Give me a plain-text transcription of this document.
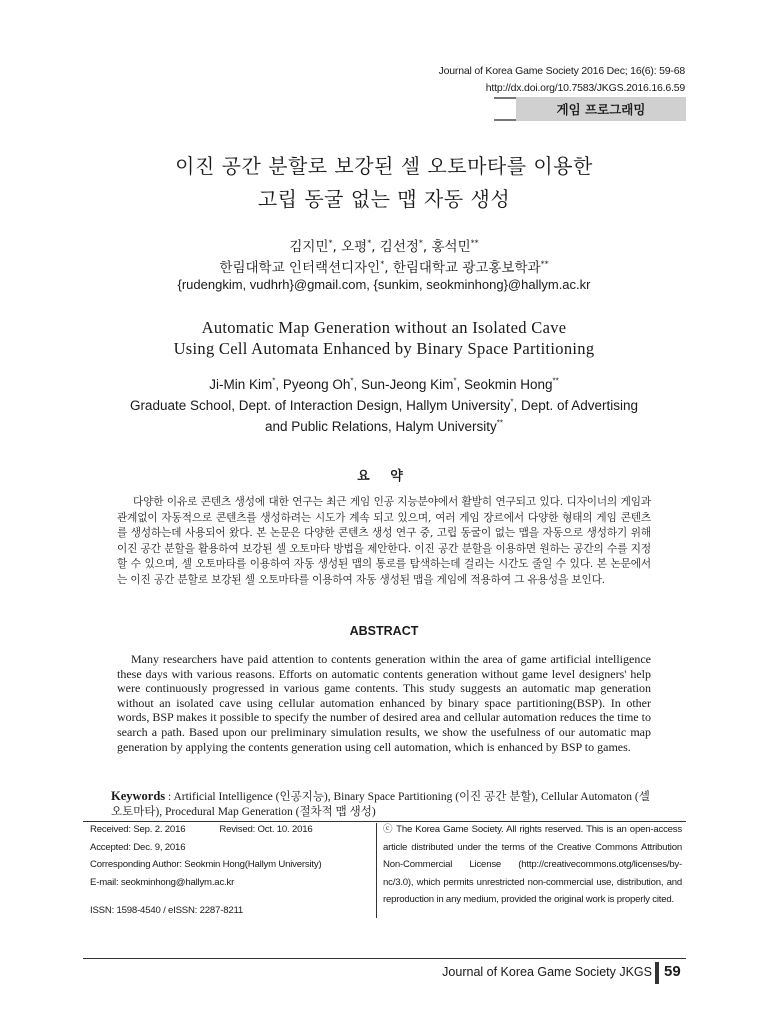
Journal of Korea Game Society 2016 Dec; 16(6): 59-68
http://dx.doi.org/10.7583/JKGS.2016.16.6.59
게임 프로그래밍
이진 공간 분할로 보강된 셀 오토마타를 이용한
고립 동굴 없는 맵 자동 생성
김지민*, 오평*, 김선정*, 홍석민**
한림대학교 인터랙션디자인*, 한림대학교 광고홍보학과**
{rudengkim, vudhrh}@gmail.com, {sunkim, seokminhong}@hallym.ac.kr
Automatic Map Generation without an Isolated Cave
Using Cell Automata Enhanced by Binary Space Partitioning
Ji-Min Kim*, Pyeong Oh*, Sun-Jeong Kim*, Seokmin Hong**
Graduate School, Dept. of Interaction Design, Hallym University*, Dept. of Advertising
and Public Relations, Halym University**
요 약
다양한 이유로 콘텐츠 생성에 대한 연구는 최근 게임 인공 지능분야에서 활발히 연구되고 있다. 디자이너의 게임과 관계없이 자동적으로 콘텐츠를 생성하려는 시도가 계속 되고 있으며, 여러 게임 장르에서 다양한 형태의 게임 콘텐츠를 생성하는데 사용되어 왔다. 본 논문은 다양한 콘텐츠 생성 연구 중, 고립 동굴이 없는 맵을 자동으로 생성하기 위해 이진 공간 분할을 활용하여 보강된 셀 오토마타 방법을 제안한다. 이진 공간 분할을 이용하면 원하는 공간의 수를 지정할 수 있으며, 셀 오토마타를 이용하여 자동 생성된 맵의 통로를 탐색하는데 걸리는 시간도 줄일 수 있다. 본 논문에서는 이진 공간 분할로 보강된 셀 오토마타를 이용하여 자동 생성된 맵을 게임에 적용하여 그 유용성을 보인다.
ABSTRACT
Many researchers have paid attention to contents generation within the area of game artificial intelligence these days with various reasons. Efforts on automatic contents generation without game level designers' help were continuously progressed in various game contents. This study suggests an automatic map generation without an isolated cave using cellular automation enhanced by binary space partitioning(BSP). In other words, BSP makes it possible to specify the number of desired area and cellular automation reduces the time to search a path. Based upon our preliminary simulation results, we show the usefulness of our automatic map generation by applying the contents generation using cell automation, which is enhanced by BSP to games.
Keywords : Artificial Intelligence (인공지능), Binary Space Partitioning (이진 공간 분할), Cellular Automaton (셀 오토마타), Procedural Map Generation (절차적 맵 생성)
Received: Sep. 2. 2016	Revised: Oct. 10. 2016
Accepted: Dec. 9, 2016
Corresponding Author: Seokmin Hong(Hallym University)
E-mail: seokminhong@hallym.ac.kr
ISSN: 1598-4540 / eISSN: 2287-8211
ⓒ The Korea Game Society. All rights reserved. This is an open-access article distributed under the terms of the Creative Commons Attribution Non-Commercial License (http://creativecommons.otg/licenses/by-nc/3.0), which permits unrestricted non-commercial use, distribution, and reproduction in any medium, provided the original work is properly cited.
Journal of Korea Game Society JKGS 59
